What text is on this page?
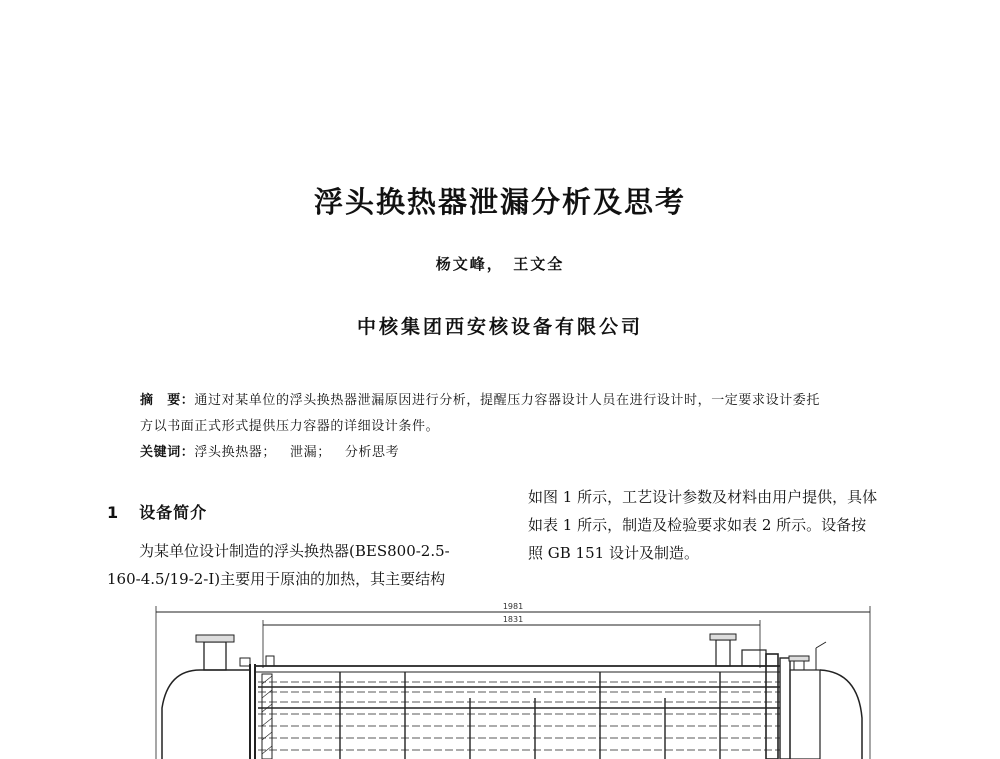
浮头换热器泄漏分析及思考
杨文峰，　王文全
中核集团西安核设备有限公司
摘　要：通过对某单位的浮头换热器泄漏原因进行分析，提醒压力容器设计人员在进行设计时，一定要求设计委托
方以书面正式形式提供压力容器的详细设计条件。
关键词：浮头换热器； 泄漏； 分析思考
1 设备简介
为某单位设计制造的浮头换热器(BES800-2.5-
160-4.5/19-2-Ⅰ)主要用于原油的加热，其主要结构
如图 1 所示，工艺设计参数及材料由用户提供，具体
如表 1 所示，制造及检验要求如表 2 所示。设备按
照 GB 151 设计及制造。
1981
1831
